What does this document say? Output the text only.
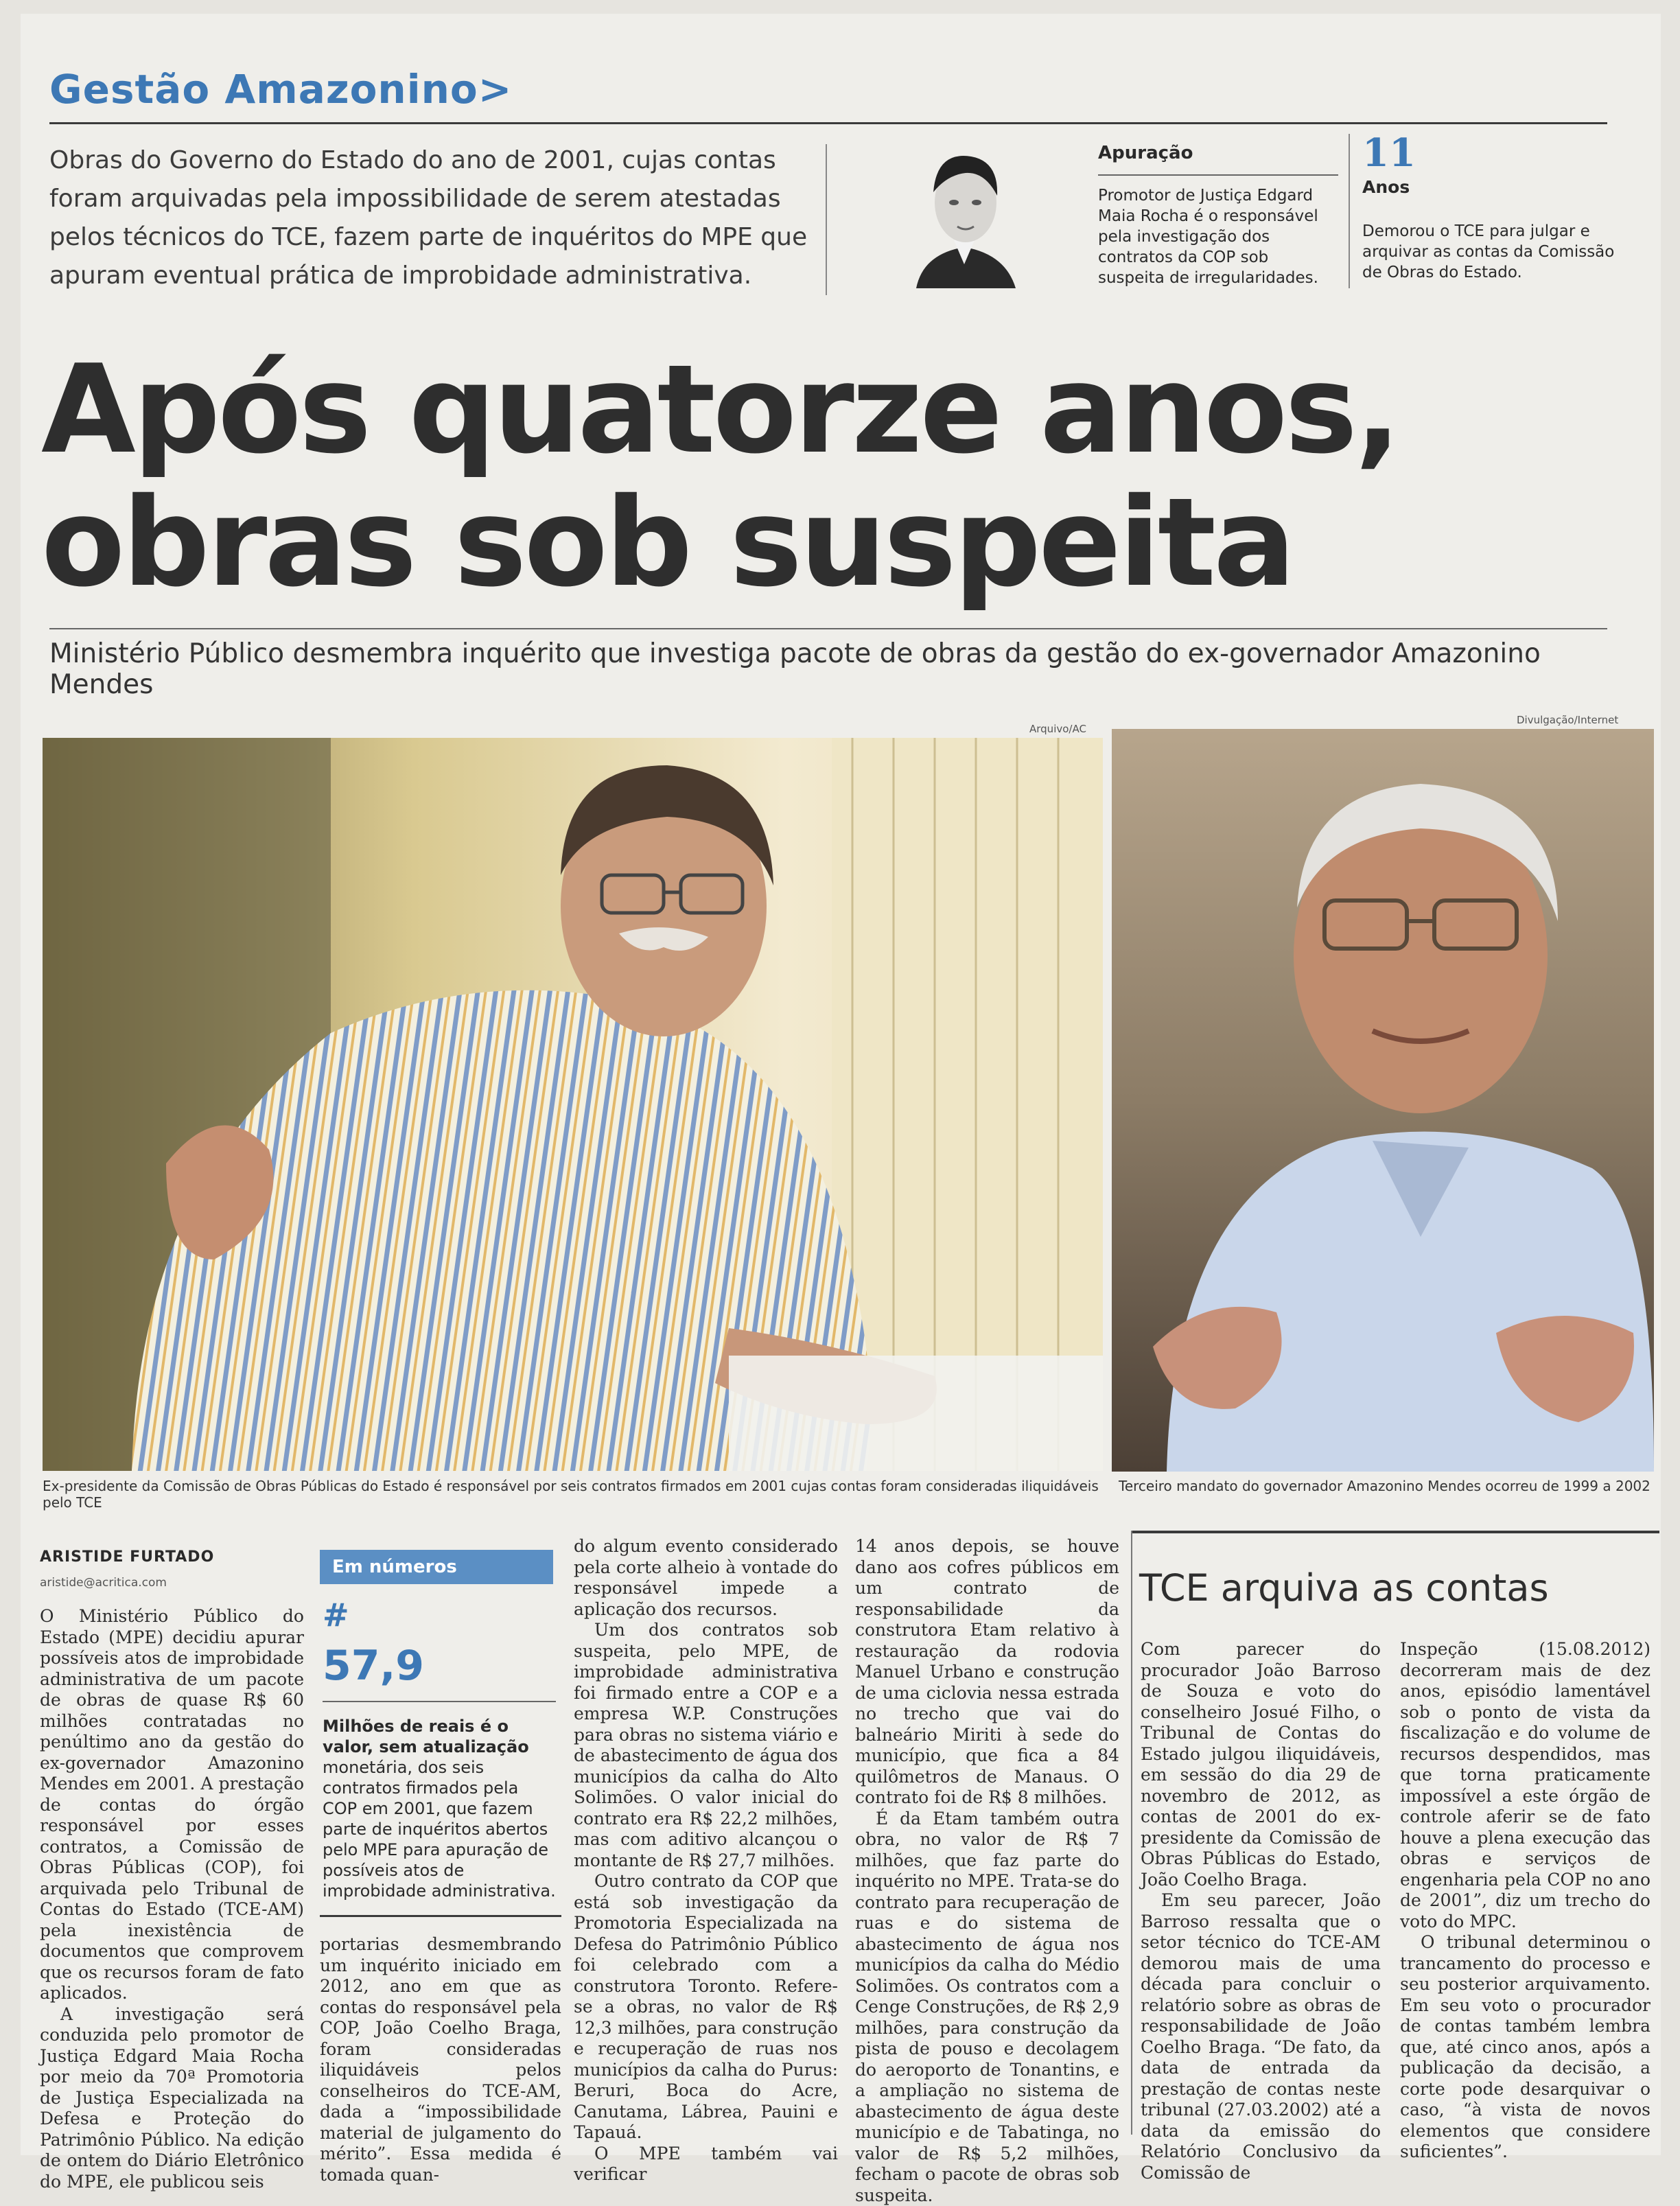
Gestão Amazonino>
Obras do Governo do Estado do ano de 2001, cujas contas foram arquivadas pela impossibilidade de serem atestadas pelos técnicos do TCE, fazem parte de inquéritos do MPE que apuram eventual prática de improbidade administrativa.
Apuração
Promotor de Justiça Edgard Maia Rocha é o responsável pela investigação dos contratos da COP sob suspeita de irregularidades.
11
Anos
Demorou o TCE para julgar e arquivar as contas da Comissão de Obras do Estado.
Após quatorze anos,
obras sob suspeita
Ministério Público desmembra inquérito que investiga pacote de obras da gestão do ex-governador Amazonino Mendes
Arquivo/AC
Divulgação/Internet
Ex-presidente da Comissão de Obras Públicas do Estado é responsável por seis contratos firmados em 2001 cujas contas foram consideradas iliquidáveis pelo TCE
Terceiro mandato do governador Amazonino Mendes ocorreu de 1999 a 2002
ARISTIDE FURTADO
aristide@acritica.com

O Ministério Público do Estado (MPE) decidiu apurar possíveis atos de improbidade administrativa de um pacote de obras de quase R$ 60 milhões contratadas no penúltimo ano da gestão do ex-governador Amazonino Mendes em 2001. A prestação de contas do órgão responsável por esses contratos, a Comissão de Obras Públicas (COP), foi arquivada pelo Tribunal de Contas do Estado (TCE-AM) pela inexistência de documentos que comprovem que os recursos foram de fato aplicados.

A investigação será conduzida pelo promotor de Justiça Edgard Maia Rocha por meio da 70ª Promotoria de Justiça Especializada na Defesa e Proteção do Patrimônio Público. Na edição de ontem do Diário Eletrônico do MPE, ele publicou seis

Em números
#
57,9
Milhões de reais é o valor, sem atualização monetária, dos seis contratos firmados pela COP em 2001, que fazem parte de inquéritos abertos pelo MPE para apuração de possíveis atos de improbidade administrativa.

portarias desmembrando um inquérito iniciado em 2012, ano em que as contas do responsável pela COP, João Coelho Braga, foram consideradas iliquidáveis pelos conselheiros do TCE-AM, dada a “impossibilidade material de julgamento do mérito”. Essa medida é tomada quan-

do algum evento considerado pela corte alheio à vontade do responsável impede a aplicação dos recursos.

Um dos contratos sob suspeita, pelo MPE, de improbidade administrativa foi firmado entre a COP e a empresa W.P. Construções para obras no sistema viário e de abastecimento de água dos municípios da calha do Alto Solimões. O valor inicial do contrato era R$ 22,2 milhões, mas com aditivo alcançou o montante de R$ 27,7 milhões.

Outro contrato da COP que está sob investigação da Promotoria Especializada na Defesa do Patrimônio Público foi celebrado com a construtora Toronto. Refere-se a obras, no valor de R$ 12,3 milhões, para construção e recuperação de ruas nos municípios da calha do Purus: Beruri, Boca do Acre, Canutama, Lábrea, Pauini e Tapauá.

O MPE também vai verificar

14 anos depois, se houve dano aos cofres públicos em um contrato de responsabilidade da construtora Etam relativo à restauração da rodovia Manuel Urbano e construção de uma ciclovia nessa estrada no trecho que vai do balneário Miriti à sede do município, que fica a 84 quilômetros de Manaus. O contrato foi de R$ 8 milhões.

É da Etam também outra obra, no valor de R$ 7 milhões, que faz parte do inquérito no MPE. Trata-se do contrato para recuperação de ruas e do sistema de abastecimento de água nos municípios da calha do Médio Solimões. Os contratos com a Cenge Construções, de R$ 2,9 milhões, para construção da pista de pouso e decolagem do aeroporto de Tonantins, e a ampliação no sistema de abastecimento de água deste município e de Tabatinga, no valor de R$ 5,2 milhões, fecham o pacote de obras sob suspeita.

TCE arquiva as contas

Com parecer do procurador João Barroso de Souza e voto do conselheiro Josué Filho, o Tribunal de Contas do Estado julgou iliquidáveis, em sessão do dia 29 de novembro de 2012, as contas de 2001 do ex-presidente da Comissão de Obras Públicas do Estado, João Coelho Braga.

Em seu parecer, João Barroso ressalta que o setor técnico do TCE-AM demorou mais de uma década para concluir o relatório sobre as obras de responsabilidade de João Coelho Braga. “De fato, da data de entrada da prestação de contas neste tribunal (27.03.2002) até a data da emissão do Relatório Conclusivo da Comissão de

Inspeção (15.08.2012) decorreram mais de dez anos, episódio lamentável sob o ponto de vista da fiscalização e do volume de recursos despendidos, mas que torna praticamente impossível a este órgão de controle aferir se de fato houve a plena execução das obras e serviços de engenharia pela COP no ano de 2001”, diz um trecho do voto do MPC.

O tribunal determinou o trancamento do processo e seu posterior arquivamento. Em seu voto o procurador de contas também lembra que, até cinco anos, após a publicação da decisão, a corte pode desarquivar o caso, “à vista de novos elementos que considere suficientes”.
